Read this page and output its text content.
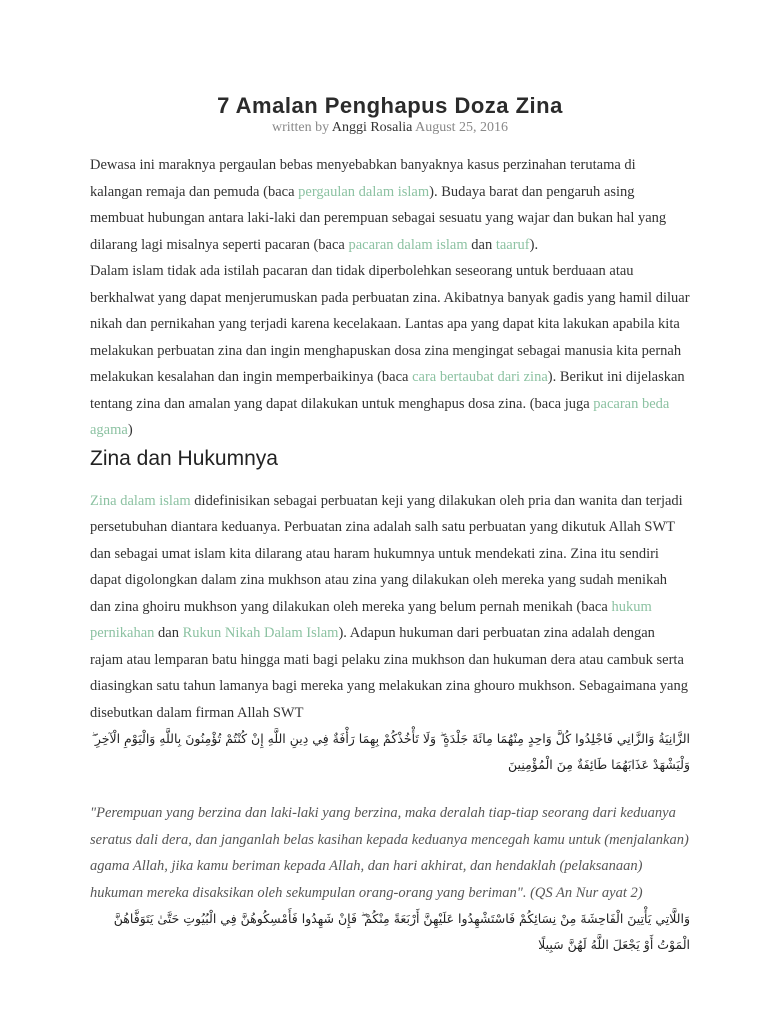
7 Amalan Penghapus Doza Zina
written by Anggi Rosalia August 25, 2016

Dewasa ini maraknya pergaulan bebas menyebabkan banyaknya kasus perzinahan terutama di kalangan remaja dan pemuda (baca pergaulan dalam islam). Budaya barat dan pengaruh asing membuat hubungan antara laki-laki dan perempuan sebagai sesuatu yang wajar dan bukan hal yang dilarang lagi misalnya seperti pacaran (baca pacaran dalam islam dan taaruf).

Dalam islam tidak ada istilah pacaran dan tidak diperbolehkan seseorang untuk berduaan atau berkhalwat yang dapat menjerumuskan pada perbuatan zina. Akibatnya banyak gadis yang hamil diluar nikah dan pernikahan yang terjadi karena kecelakaan. Lantas apa yang dapat kita lakukan apabila kita melakukan perbuatan zina dan ingin menghapuskan dosa zina mengingat sebagai manusia kita pernah melakukan kesalahan dan ingin memperbaikinya (baca cara bertaubat dari zina). Berikut ini dijelaskan tentang zina dan amalan yang dapat dilakukan untuk menghapus dosa zina. (baca juga pacaran beda agama)

Zina dan Hukumnya

Zina dalam islam didefinisikan sebagai perbuatan keji yang dilakukan oleh pria dan wanita dan terjadi persetubuhan diantara keduanya. Perbuatan zina adalah salh satu perbuatan yang dikutuk Allah SWT dan sebagai umat islam kita dilarang atau haram hukumnya untuk mendekati zina. Zina itu sendiri dapat digolongkan dalam zina mukhson atau zina yang dilakukan oleh mereka yang sudah menikah dan zina ghoiru mukhson yang dilakukan oleh mereka yang belum pernah menikah (baca hukum pernikahan dan Rukun Nikah Dalam Islam). Adapun hukuman dari perbuatan zina adalah dengan rajam atau lemparan batu hingga mati bagi pelaku zina mukhson dan hukuman dera atau cambuk serta diasingkan satu tahun lamanya bagi mereka yang melakukan zina ghouro mukhson. Sebagaimana yang disebutkan dalam firman Allah SWT

الزَّانِيَةُ وَالزَّانِي فَاجْلِدُوا كُلَّ وَاحِدٍ مِنْهُمَا مِائَةَ جَلْدَةٍ ۖ وَلَا تَأْخُذْكُمْ بِهِمَا رَأْفَةٌ فِي دِينِ اللَّهِ إِنْ كُنْتُمْ تُؤْمِنُونَ بِاللَّهِ وَالْيَوْمِ الْآخِرِ ۖ وَلْيَشْهَدْ عَذَابَهُمَا طَائِفَةٌ مِنَ الْمُؤْمِنِينَ

"Perempuan yang berzina dan laki-laki yang berzina, maka deralah tiap-tiap seorang dari keduanya seratus dali dera, dan janganlah belas kasihan kepada keduanya mencegah kamu untuk (menjalankan) agama Allah, jika kamu beriman kepada Allah, dan hari akhirat, dan hendaklah (pelaksanaan) hukuman mereka disaksikan oleh sekumpulan orang-orang yang beriman". (QS An Nur ayat 2)

وَاللَّاتِي يَأْتِينَ الْفَاحِشَةَ مِنْ نِسَائِكُمْ فَاسْتَشْهِدُوا عَلَيْهِنَّ أَرْبَعَةً مِنْكُمْ ۖ فَإِنْ شَهِدُوا فَأَمْسِكُوهُنَّ فِي الْبُيُوتِ حَتَّىٰ يَتَوَفَّاهُنَّ الْمَوْتُ أَوْ يَجْعَلَ اللَّهُ لَهُنَّ سَبِيلًا
